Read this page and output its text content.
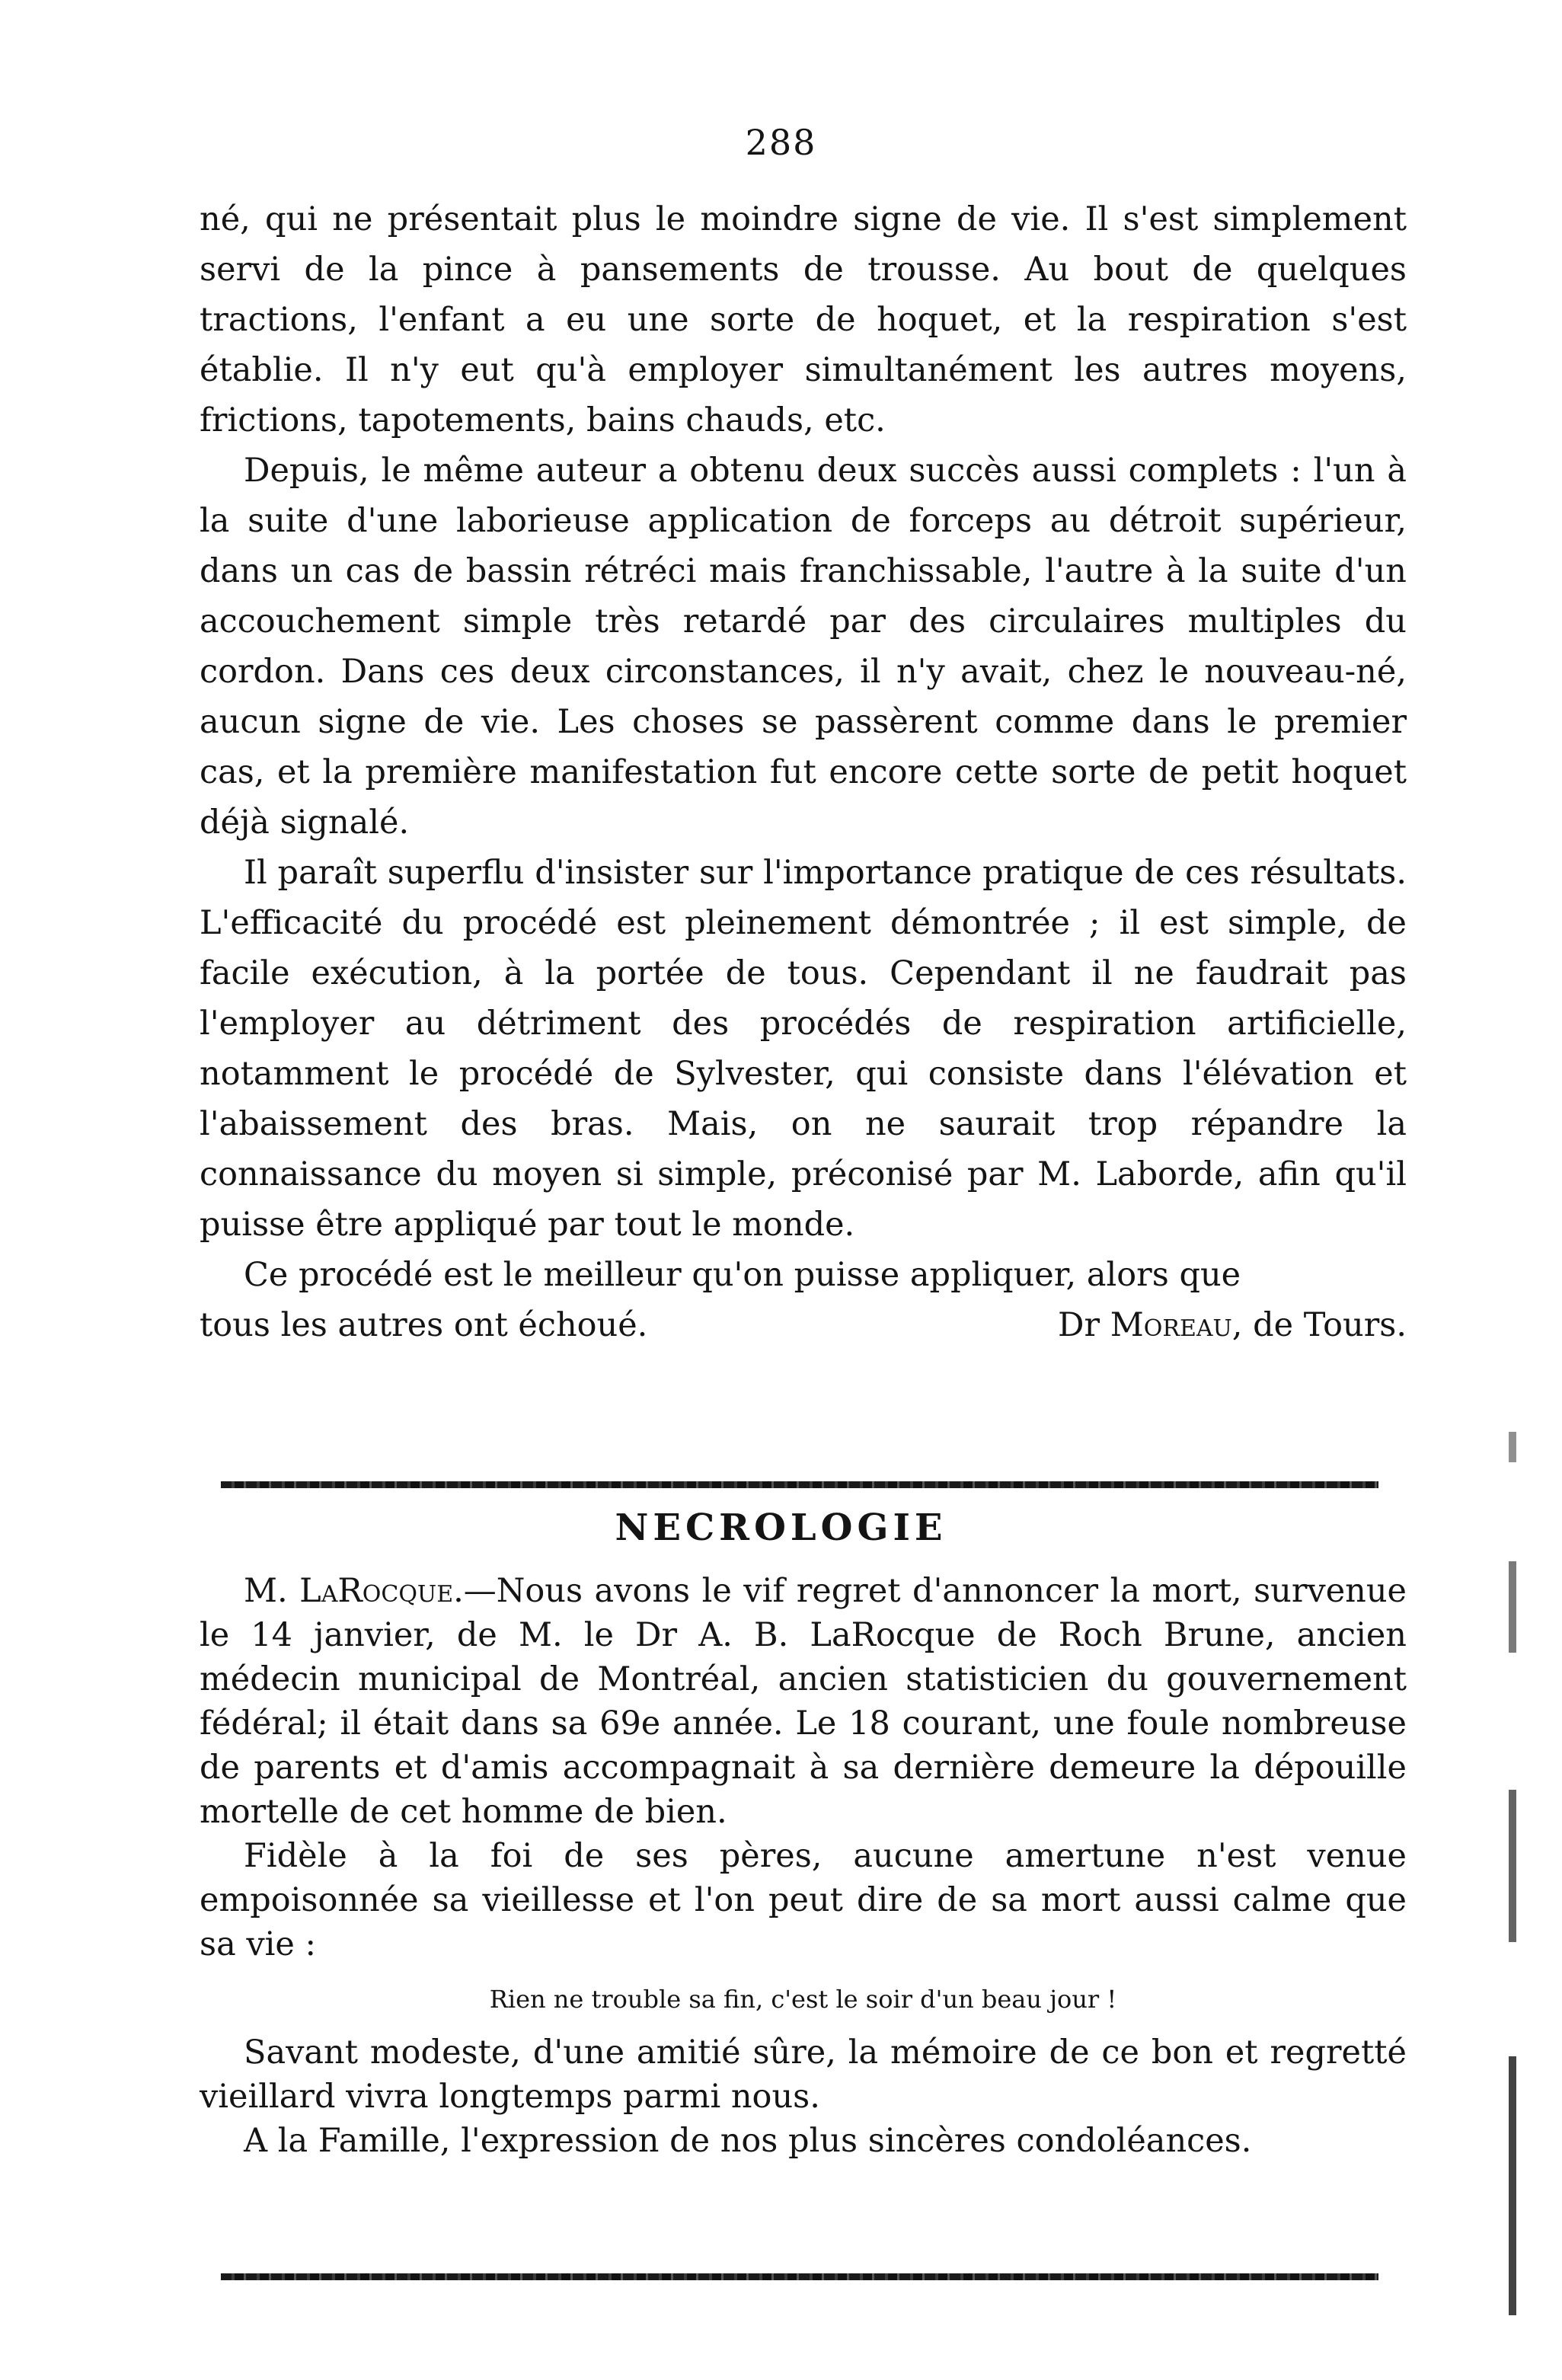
288

né, qui ne présentait plus le moindre signe de vie. Il s'est simplement servi de la pince à pansements de trousse. Au bout de quelques tractions, l'enfant a eu une sorte de hoquet, et la respiration s'est établie. Il n'y eut qu'à employer simultanément les autres moyens, frictions, tapotements, bains chauds, etc.

Depuis, le même auteur a obtenu deux succès aussi complets : l'un à la suite d'une laborieuse application de forceps au détroit supérieur, dans un cas de bassin rétréci mais franchissable, l'autre à la suite d'un accouchement simple très retardé par des circulaires multiples du cordon. Dans ces deux circonstances, il n'y avait, chez le nouveau-né, aucun signe de vie. Les choses se passèrent comme dans le premier cas, et la première manifestation fut encore cette sorte de petit hoquet déjà signalé.

Il paraît superflu d'insister sur l'importance pratique de ces résultats. L'efficacité du procédé est pleinement démontrée ; il est simple, de facile exécution, à la portée de tous. Cependant il ne faudrait pas l'employer au détriment des procédés de respiration artificielle, notamment le procédé de Sylvester, qui consiste dans l'élévation et l'abaissement des bras. Mais, on ne saurait trop répandre la connaissance du moyen si simple, préconisé par M. Laborde, afin qu'il puisse être appliqué par tout le monde.

Ce procédé est le meilleur qu'on puisse appliquer, alors que

tous les autres ont échoué.	Dr Moreau, de Tours.

NECROLOGIE

M. LaRocque.—Nous avons le vif regret d'annoncer la mort, survenue le 14 janvier, de M. le Dr A. B. LaRocque de Roch Brune, ancien médecin municipal de Montréal, ancien statisticien du gouvernement fédéral; il était dans sa 69e année. Le 18 courant, une foule nombreuse de parents et d'amis accompagnait à sa dernière demeure la dépouille mortelle de cet homme de bien.

Fidèle à la foi de ses pères, aucune amertune n'est venue empoisonnée sa vieillesse et l'on peut dire de sa mort aussi calme que sa vie :

Rien ne trouble sa fin, c'est le soir d'un beau jour !

Savant modeste, d'une amitié sûre, la mémoire de ce bon et regretté vieillard vivra longtemps parmi nous.

A la Famille, l'expression de nos plus sincères condoléances.
